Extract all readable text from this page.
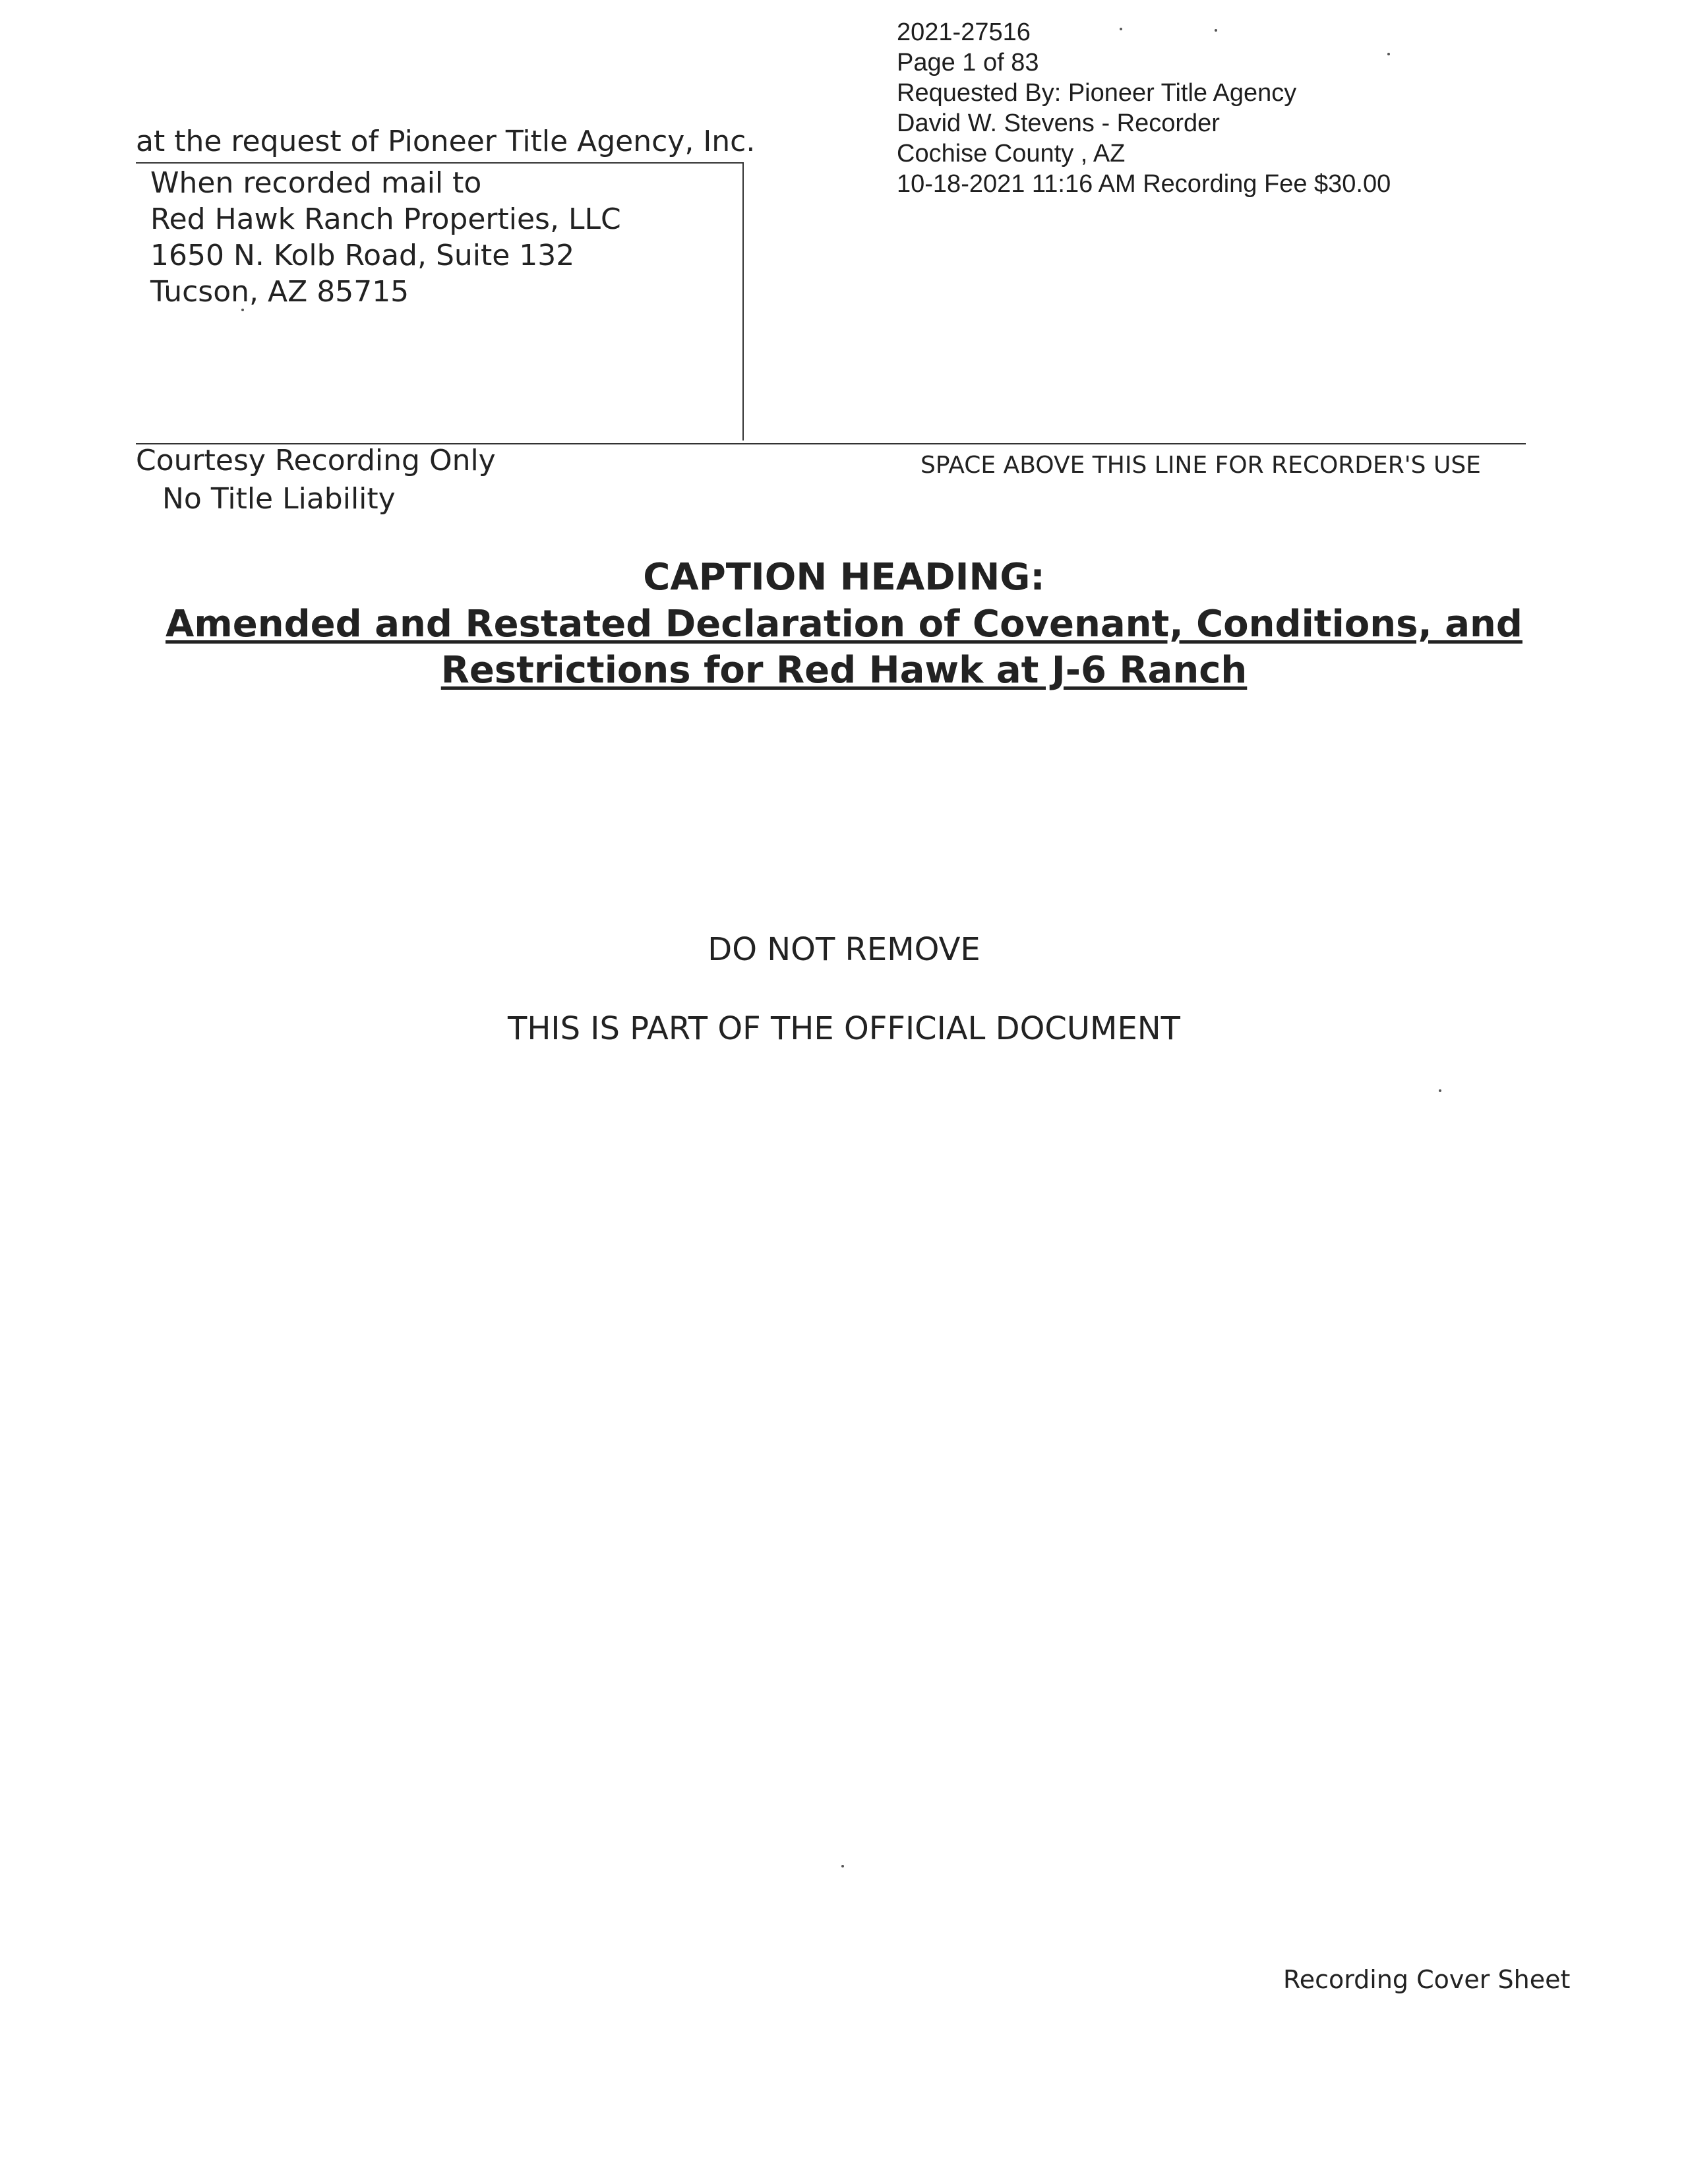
2021-27516
Page 1 of 83
Requested By: Pioneer Title Agency
David W. Stevens - Recorder
Cochise County , AZ
10-18-2021 11:16 AM Recording Fee $30.00
at the request of Pioneer Title Agency, Inc.
When recorded mail to
Red Hawk Ranch Properties, LLC
1650 N. Kolb Road, Suite 132
Tucson, AZ 85715
Courtesy Recording Only
No Title Liability
SPACE ABOVE THIS LINE FOR RECORDER'S USE
CAPTION HEADING:
Amended and Restated Declaration of Covenant, Conditions, and
Restrictions for Red Hawk at J-6 Ranch
DO NOT REMOVE
THIS IS PART OF THE OFFICIAL DOCUMENT
Recording Cover Sheet
